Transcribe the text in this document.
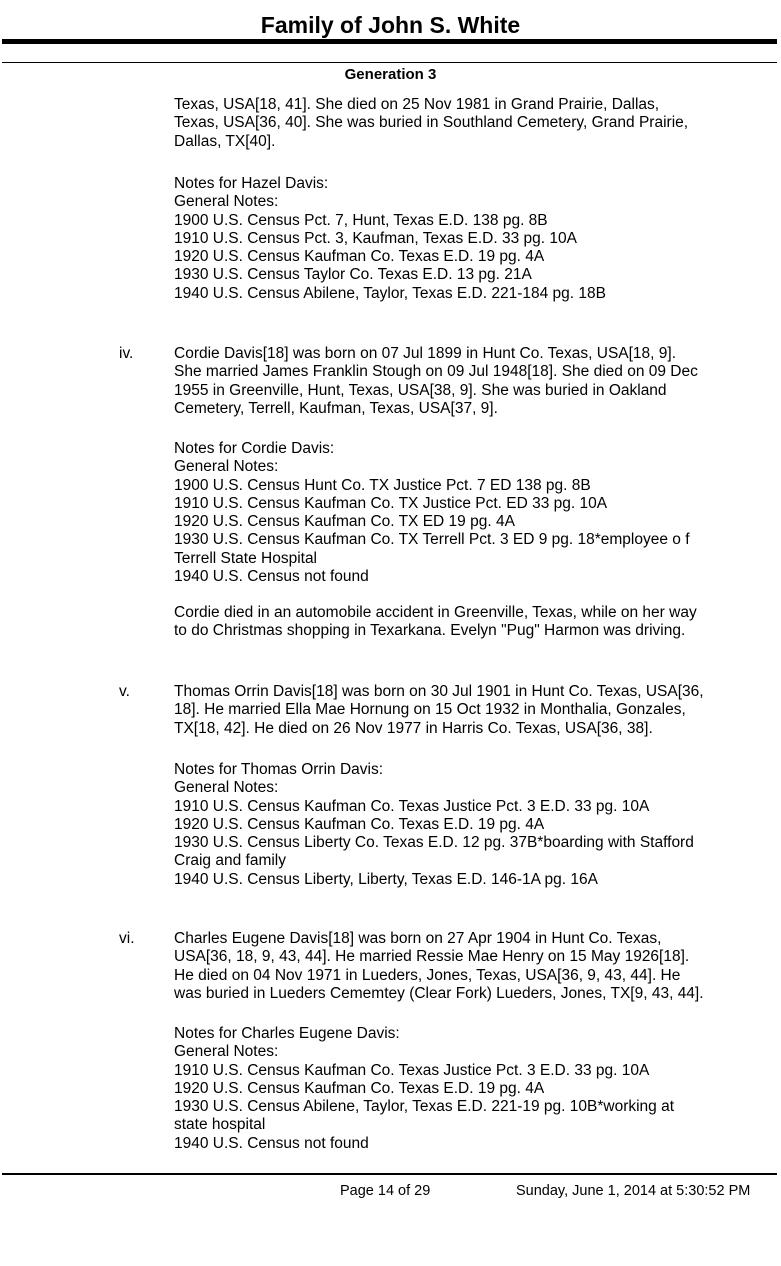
Family of John S. White
Generation 3
Texas, USA[18, 41]. She died on 25 Nov 1981 in Grand Prairie, Dallas,
Texas, USA[36, 40]. She was buried in Southland Cemetery, Grand Prairie,
Dallas, TX[40].
Notes for Hazel Davis:
General Notes:
1900 U.S. Census Pct. 7, Hunt, Texas E.D. 138 pg. 8B
1910 U.S. Census Pct. 3, Kaufman, Texas E.D. 33 pg. 10A
1920 U.S. Census Kaufman Co. Texas E.D. 19 pg. 4A
1930 U.S. Census Taylor Co. Texas E.D. 13 pg. 21A
1940 U.S. Census Abilene, Taylor, Texas E.D. 221-184 pg. 18B
iv.	Cordie Davis[18] was born on 07 Jul 1899 in Hunt Co. Texas, USA[18, 9].
She married James Franklin Stough on 09 Jul 1948[18]. She died on 09 Dec
1955 in Greenville, Hunt, Texas, USA[38, 9]. She was buried in Oakland
Cemetery, Terrell, Kaufman, Texas, USA[37, 9].
Notes for Cordie Davis:
General Notes:
1900 U.S. Census Hunt Co. TX Justice Pct. 7 ED 138 pg. 8B
1910 U.S. Census Kaufman Co. TX Justice Pct. ED 33 pg. 10A
1920 U.S. Census Kaufman Co. TX ED 19 pg. 4A
1930 U.S. Census Kaufman Co. TX Terrell Pct. 3 ED 9 pg. 18*employee o f
Terrell State Hospital
1940 U.S. Census not found
Cordie died in an automobile accident in Greenville, Texas, while on her way
to do Christmas shopping in Texarkana. Evelyn "Pug" Harmon was driving.
v.	Thomas Orrin Davis[18] was born on 30 Jul 1901 in Hunt Co. Texas, USA[36,
18]. He married Ella Mae Hornung on 15 Oct 1932 in Monthalia, Gonzales,
TX[18, 42]. He died on 26 Nov 1977 in Harris Co. Texas, USA[36, 38].
Notes for Thomas Orrin Davis:
General Notes:
1910 U.S. Census Kaufman Co. Texas Justice Pct. 3 E.D. 33 pg. 10A
1920 U.S. Census Kaufman Co. Texas E.D. 19 pg. 4A
1930 U.S. Census Liberty Co. Texas E.D. 12 pg. 37B*boarding with Stafford
Craig and family
1940 U.S. Census Liberty, Liberty, Texas E.D. 146-1A pg. 16A
vi.	Charles Eugene Davis[18] was born on 27 Apr 1904 in Hunt Co. Texas,
USA[36, 18, 9, 43, 44]. He married Ressie Mae Henry on 15 May 1926[18].
He died on 04 Nov 1971 in Lueders, Jones, Texas, USA[36, 9, 43, 44]. He
was buried in Lueders Cememtey (Clear Fork) Lueders, Jones, TX[9, 43, 44].
Notes for Charles Eugene Davis:
General Notes:
1910 U.S. Census Kaufman Co. Texas Justice Pct. 3 E.D. 33 pg. 10A
1920 U.S. Census Kaufman Co. Texas E.D. 19 pg. 4A
1930 U.S. Census Abilene, Taylor, Texas E.D. 221-19 pg. 10B*working at
state hospital
1940 U.S. Census not found
Page 14 of 29	Sunday, June 1, 2014 at 5:30:52 PM
